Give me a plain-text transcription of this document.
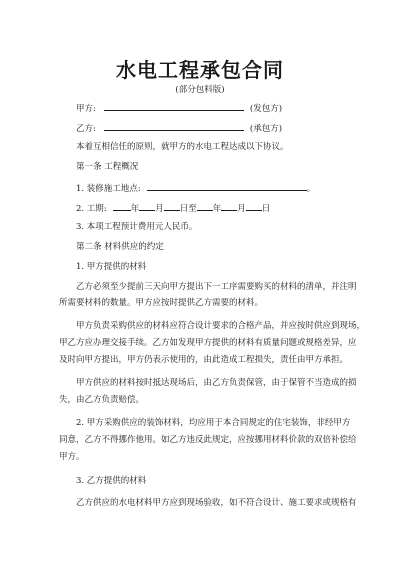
水电工程承包合同
(部分包料版)
甲方:	(发包方)
乙方:	(承包方)
本着互相信任的原则，就甲方的水电工程达成以下协议。
第一条 工程概况
1. 装修施工地点:	。
2. 工期:	年 月 日至 年 月 日
3. 本项工程预计费用元人民币。
第二条 材料供应的约定
1. 甲方提供的材料
乙方必须至少提前三天向甲方提出下一工序需要购买的材料的清单，并注明
所需要材料的数量。甲方应按时提供乙方需要的材料。
甲方负责采购供应的材料应符合设计要求的合格产品，并应按时供应到现场，
甲乙方应办理交接手续。乙方如发现甲方提供的材料有质量问题或规格差异，应
及时向甲方提出，甲方仍表示使用的，由此造成工程损失，责任由甲方承担。
甲方供应的材料按时抵达现场后，由乙方负责保管，由于保管不当造成的损
失，由乙方负责赔偿。
2. 甲方采购供应的装饰材料，均应用于本合同规定的住宅装饰，非经甲方
同意，乙方不得挪作他用。如乙方违反此规定，应按挪用材料价款的双倍补偿给
甲方。
3. 乙方提供的材料
乙方供应的水电材料甲方应到现场验收，如不符合设计、施工要求或规格有
